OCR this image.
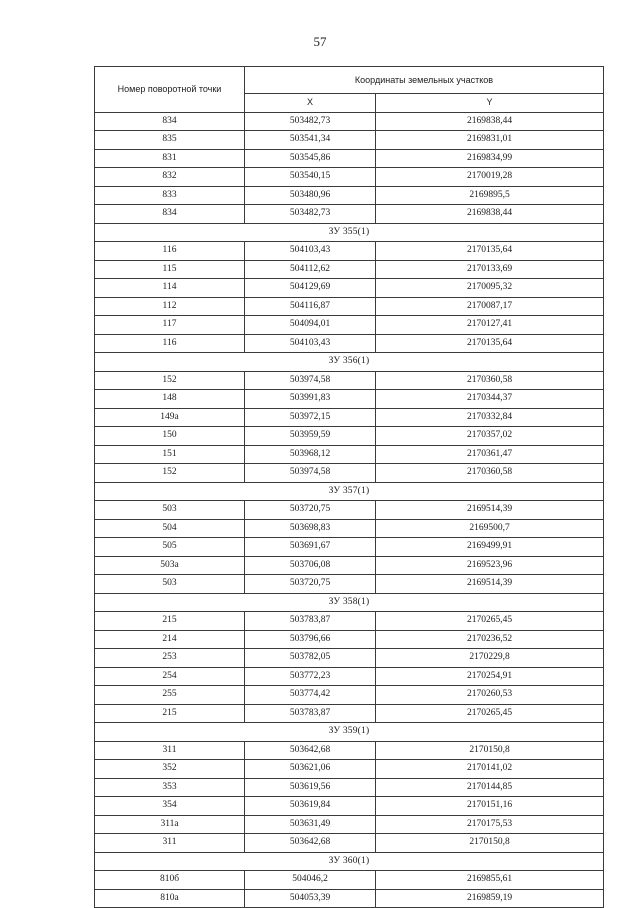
57
Номер поворотной точки	Координаты земельных участков	
	X	Y
834	503482,73	2169838,44
835	503541,34	2169831,01
831	503545,86	2169834,99
832	503540,15	2170019,28
833	503480,96	2169895,5
834	503482,73	2169838,44
ЗУ 355(1)		
116	504103,43	2170135,64
115	504112,62	2170133,69
114	504129,69	2170095,32
112	504116,87	2170087,17
117	504094,01	2170127,41
116	504103,43	2170135,64
ЗУ 356(1)		
152	503974,58	2170360,58
148	503991,83	2170344,37
149а	503972,15	2170332,84
150	503959,59	2170357,02
151	503968,12	2170361,47
152	503974,58	2170360,58
ЗУ 357(1)		
503	503720,75	2169514,39
504	503698,83	2169500,7
505	503691,67	2169499,91
503а	503706,08	2169523,96
503	503720,75	2169514,39
ЗУ 358(1)		
215	503783,87	2170265,45
214	503796,66	2170236,52
253	503782,05	2170229,8
254	503772,23	2170254,91
255	503774,42	2170260,53
215	503783,87	2170265,45
ЗУ 359(1)		
311	503642,68	2170150,8
352	503621,06	2170141,02
353	503619,56	2170144,85
354	503619,84	2170151,16
311а	503631,49	2170175,53
311	503642,68	2170150,8
ЗУ 360(1)		
810б	504046,2	2169855,61
810а	504053,39	2169859,19
